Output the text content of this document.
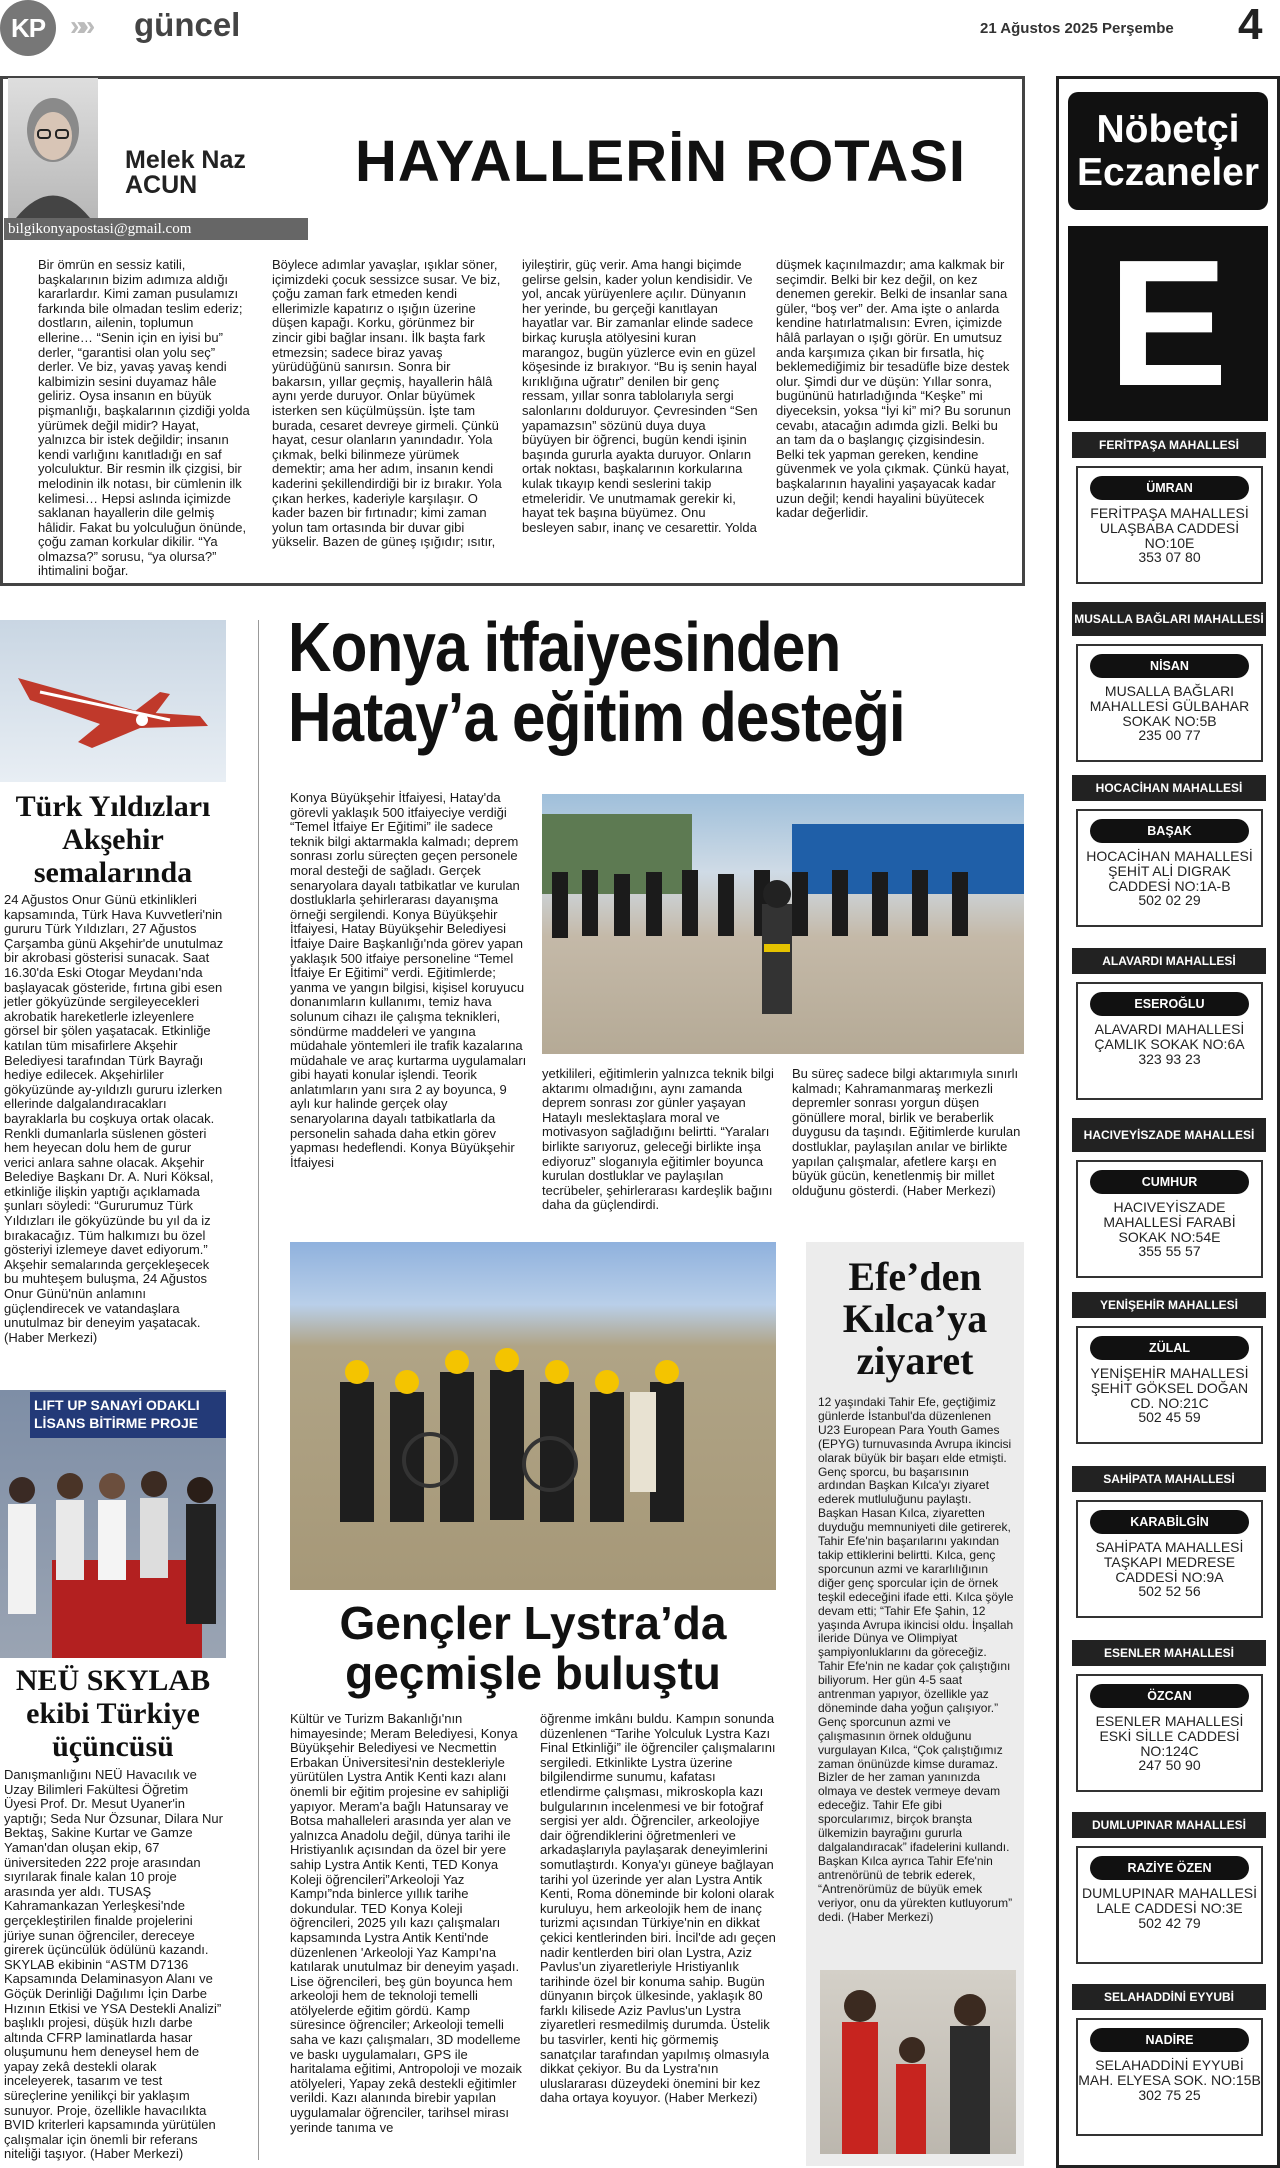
KP »» güncel	21 Ağustos 2025 Perşembe 4
Melek Naz
ACUN
bilgikonyapostasi@gmail.com
HAYALLERİN ROTASI
Bir ömrün en sessiz katili, başkalarının bizim adımıza aldığı kararlardır. Kimi zaman pusulamızı farkında bile olmadan teslim ederiz; dostların, ailenin, toplumun ellerine… “Senin için en iyisi bu” derler, “garantisi olan yolu seç” derler. Ve biz, yavaş yavaş kendi kalbimizin sesini duyamaz hâle geliriz. Oysa insanın en büyük pişmanlığı, başkalarının çizdiği yolda yürümek değil midir? Hayat, yalnızca bir istek değildir; insanın kendi varlığını kanıtladığı en saf yolculuktur. Bir resmin ilk çizgisi, bir melodinin ilk notası, bir cümlenin ilk kelimesi… Hepsi aslında içimizde saklanan hayallerin dile gelmiş hâlidir. Fakat bu yolculuğun önünde, çoğu zaman korkular dikilir. “Ya olmazsa?” sorusu, “ya olursa?” ihtimalini boğar.
Böylece adımlar yavaşlar, ışıklar söner, içimizdeki çocuk sessizce susar. Ve biz, çoğu zaman fark etmeden kendi ellerimizle kapatırız o ışığın üzerine düşen kapağı. Korku, görünmez bir zincir gibi bağlar insanı. İlk başta fark etmezsin; sadece biraz yavaş yürüdüğünü sanırsın. Sonra bir bakarsın, yıllar geçmiş, hayallerin hâlâ aynı yerde duruyor. Onlar büyümek isterken sen küçülmüşsün. İşte tam burada, cesaret devreye girmeli. Çünkü hayat, cesur olanların yanındadır. Yola çıkmak, belki bilinmeze yürümek demektir; ama her adım, insanın kendi kaderini şekillendirdiği bir iz bırakır. Yola çıkan herkes, kaderiyle karşılaşır. O kader bazen bir fırtınadır; kimi zaman yolun tam ortasında bir duvar gibi yükselir. Bazen de güneş ışığıdır; ısıtır,
iyileştirir, güç verir. Ama hangi biçimde gelirse gelsin, kader yolun kendisidir. Ve yol, ancak yürüyenlere açılır. Dünyanın her yerinde, bu gerçeği kanıtlayan hayatlar var. Bir zamanlar elinde sadece birkaç kuruşla atölyesini kuran marangoz, bugün yüzlerce evin en güzel köşesinde iz bırakıyor. “Bu iş senin hayal kırıklığına uğratır” denilen bir genç ressam, yıllar sonra tablolarıyla sergi salonlarını dolduruyor. Çevresinden “Sen yapamazsın” sözünü duya duya büyüyen bir öğrenci, bugün kendi işinin başında gururla ayakta duruyor. Onların ortak noktası, başkalarının korkularına kulak tıkayıp kendi seslerini takip etmeleridir. Ve unutmamak gerekir ki, hayat tek başına büyümez. Onu besleyen sabır, inanç ve cesarettir. Yolda
düşmek kaçınılmazdır; ama kalkmak bir seçimdir. Belki bir kez değil, on kez denemen gerekir. Belki de insanlar sana güler, “boş ver” der. Ama işte o anlarda kendine hatırlatmalısın: Evren, içimizde hâlâ parlayan o ışığı görür. En umutsuz anda karşımıza çıkan bir fırsatla, hiç beklemediğimiz bir tesadüfle bize destek olur. Şimdi dur ve düşün: Yıllar sonra, bugününü hatırladığında “Keşke” mi diyeceksin, yoksa “İyi ki” mi? Bu sorunun cevabı, atacağın adımda gizli. Belki bu an tam da o başlangıç çizgisindesin. Belki tek yapman gereken, kendine güvenmek ve yola çıkmak. Çünkü hayat, başkalarının hayalini yaşayacak kadar uzun değil; kendi hayalini büyütecek kadar değerlidir.
Nöbetçi
Eczaneler
E
FERİTPAŞA MAHALLESİ
ÜMRAN
FERİTPAŞA MAHALLESİ ULAŞBABA CADDESİ NO:10E
353 07 80
MUSALLA BAĞLARI MAHALLESİ
NİSAN
MUSALLA BAĞLARI MAHALLESİ GÜLBAHAR SOKAK NO:5B
235 00 77
HOCACİHAN MAHALLESİ
BAŞAK
HOCACİHAN MAHALLESİ ŞEHİT ALİ DIGRAK CADDESİ NO:1A-B
502 02 29
ALAVARDI MAHALLESİ
ESEROĞLU
ALAVARDI MAHALLESİ ÇAMLIK SOKAK NO:6A
323 93 23
HACIVEYİSZADE MAHALLESİ
CUMHUR
HACIVEYİSZADE MAHALLESİ FARABİ SOKAK NO:54E
355 55 57
YENİŞEHİR MAHALLESİ
ZÜLAL
YENİŞEHİR MAHALLESİ ŞEHİT GÖKSEL DOĞAN CD. NO:21C
502 45 59
SAHİPATA MAHALLESİ
KARABİLGİN
SAHİPATA MAHALLESİ TAŞKAPI MEDRESE CADDESİ NO:9A
502 52 56
ESENLER MAHALLESİ
ÖZCAN
ESENLER MAHALLESİ ESKİ SİLLE CADDESİ NO:124C
247 50 90
DUMLUPINAR MAHALLESİ
RAZİYE ÖZEN
DUMLUPINAR MAHALLESİ LALE CADDESİ NO:3E
502 42 79
SELAHADDİNİ EYYUBİ
NADİRE
SELAHADDİNİ EYYUBİ MAH. ELYESA SOK. NO:15B
302 75 25
Türk Yıldızları Akşehir semalarında
24 Ağustos Onur Günü etkinlikleri kapsamında, Türk Hava Kuvvetleri'nin gururu Türk Yıldızları, 27 Ağustos Çarşamba günü Akşehir'de unutulmaz bir akrobasi gösterisi sunacak. Saat 16.30'da Eski Otogar Meydanı'nda başlayacak gösteride, fırtına gibi esen jetler gökyüzünde sergileyecekleri akrobatik hareketlerle izleyenlere görsel bir şölen yaşatacak. Etkinliğe katılan tüm misafirlere Akşehir Belediyesi tarafından Türk Bayrağı hediye edilecek. Akşehirliler gökyüzünde ay-yıldızlı gururu izlerken ellerinde dalgalandıracakları bayraklarla bu coşkuya ortak olacak. Renkli dumanlarla süslenen gösteri hem heyecan dolu hem de gurur verici anlara sahne olacak. Akşehir Belediye Başkanı Dr. A. Nuri Köksal, etkinliğe ilişkin yaptığı açıklamada şunları söyledi: “Gururumuz Türk Yıldızları ile gökyüzünde bu yıl da iz bırakacağız. Tüm halkımızı bu özel gösteriyi izlemeye davet ediyorum.” Akşehir semalarında gerçekleşecek bu muhteşem buluşma, 24 Ağustos Onur Günü'nün anlamını güçlendirecek ve vatandaşlara unutulmaz bir deneyim yaşatacak. (Haber Merkezi)
LIFT UP SANAYİ ODAKLI
LİSANS BİTİRME PROJE
NEÜ SKYLAB ekibi Türkiye üçüncüsü
Danışmanlığını NEÜ Havacılık ve Uzay Bilimleri Fakültesi Öğretim Üyesi Prof. Dr. Mesut Uyaner'in yaptığı; Seda Nur Özsunar, Dilara Nur Bektaş, Sakine Kurtar ve Gamze Yaman'dan oluşan ekip, 67 üniversiteden 222 proje arasından sıyrılarak finale kalan 10 proje arasında yer aldı. TUSAŞ Kahramankazan Yerleşkesi'nde gerçekleştirilen finalde projelerini jüriye sunan öğrenciler, dereceye girerek üçüncülük ödülünü kazandı. SKYLAB ekibinin “ASTM D7136 Kapsamında Delaminasyon Alanı ve Göçük Derinliği Dağılımı İçin Darbe Hızının Etkisi ve YSA Destekli Analizi” başlıklı projesi, düşük hızlı darbe altında CFRP laminatlarda hasar oluşumunu hem deneysel hem de yapay zekâ destekli olarak inceleyerek, tasarım ve test süreçlerine yenilikçi bir yaklaşım sunuyor. Proje, özellikle havacılıkta BVID kriterleri kapsamında yürütülen çalışmalar için önemli bir referans niteliği taşıyor. (Haber Merkezi)
Konya itfaiyesinden
Hatay’a eğitim desteği
Konya Büyükşehir İtfaiyesi, Hatay'da görevli yaklaşık 500 itfaiyeciye verdiği “Temel İtfaiye Er Eğitimi” ile sadece teknik bilgi aktarmakla kalmadı; deprem sonrası zorlu süreçten geçen personele moral desteği de sağladı. Gerçek senaryolara dayalı tatbikatlar ve kurulan dostluklarla şehirlerarası dayanışma örneği sergilendi. Konya Büyükşehir İtfaiyesi, Hatay Büyükşehir Belediyesi İtfaiye Daire Başkanlığı'nda görev yapan yaklaşık 500 itfaiye personeline “Temel İtfaiye Er Eğitimi” verdi. Eğitimlerde; yanma ve yangın bilgisi, kişisel koruyucu donanımların kullanımı, temiz hava solunum cihazı ile çalışma teknikleri, söndürme maddeleri ve yangına müdahale yöntemleri ile trafik kazalarına müdahale ve araç kurtarma uygulamaları gibi hayati konular işlendi. Teorik anlatımların yanı sıra 2 ay boyunca, 9 aylı kur halinde gerçek olay senaryolarına dayalı tatbikatlarla da personelin sahada daha etkin görev yapması hedeflendi. Konya Büyükşehir İtfaiyesi
yetkilileri, eğitimlerin yalnızca teknik bilgi aktarımı olmadığını, aynı zamanda deprem sonrası zor günler yaşayan Hataylı meslektaşlara moral ve motivasyon sağladığını belirtti. “Yaraları birlikte sarıyoruz, geleceği birlikte inşa ediyoruz” sloganıyla eğitimler boyunca kurulan dostluklar ve paylaşılan tecrübeler, şehirlerarası kardeşlik bağını daha da güçlendirdi.
Bu süreç sadece bilgi aktarımıyla sınırlı kalmadı; Kahramanmaraş merkezli depremler sonrası yorgun düşen gönüllere moral, birlik ve beraberlik duygusu da taşındı. Eğitimlerde kurulan dostluklar, paylaşılan anılar ve birlikte yapılan çalışmalar, afetlere karşı en büyük gücün, kenetlenmiş bir millet olduğunu gösterdi. (Haber Merkezi)
Gençler Lystra’da
geçmişle buluştu
Kültür ve Turizm Bakanlığı'nın himayesinde; Meram Belediyesi, Konya Büyükşehir Belediyesi ve Necmettin Erbakan Üniversitesi'nin destekleriyle yürütülen Lystra Antik Kenti kazı alanı önemli bir eğitim projesine ev sahipliği yapıyor. Meram'a bağlı Hatunsaray ve Botsa mahalleleri arasında yer alan ve yalnızca Anadolu değil, dünya tarihi ile Hristiyanlık açısından da özel bir yere sahip Lystra Antik Kenti, TED Konya Koleji öğrencileri”Arkeoloji Yaz Kampı”nda binlerce yıllık tarihe dokundular. TED Konya Koleji öğrencileri, 2025 yılı kazı çalışmaları kapsamında Lystra Antik Kenti'nde düzenlenen 'Arkeoloji Yaz Kampı'na katılarak unutulmaz bir deneyim yaşadı. Lise öğrencileri, beş gün boyunca hem arkeoloji hem de teknoloji temelli atölyelerde eğitim gördü. Kamp süresince öğrenciler; Arkeoloji temelli saha ve kazı çalışmaları, 3D modelleme ve baskı uygulamaları, GPS ile haritalama eğitimi, Antropoloji ve mozaik atölyeleri, Yapay zekâ destekli eğitimler verildi. Kazı alanında birebir yapılan uygulamalar öğrenciler, tarihsel mirası yerinde tanıma ve
öğrenme imkânı buldu. Kampın sonunda düzenlenen “Tarihe Yolculuk Lystra Kazı Final Etkinliği” ile öğrenciler çalışmalarını sergiledi. Etkinlikte Lystra üzerine bilgilendirme sunumu, kafatası etlendirme çalışması, mikroskopla kazı bulgularının incelenmesi ve bir fotoğraf sergisi yer aldı. Öğrenciler, arkeolojiye dair öğrendiklerini öğretmenleri ve arkadaşlarıyla paylaşarak deneyimlerini somutlaştırdı. Konya'yı güneye bağlayan tarihi yol üzerinde yer alan Lystra Antik Kenti, Roma döneminde bir koloni olarak kuruluyu, hem arkeolojik hem de inanç turizmi açısından Türkiye'nin en dikkat çekici kentlerinden biri. İncil'de adı geçen nadir kentlerden biri olan Lystra, Aziz Pavlus'un ziyaretleriyle Hristiyanlık tarihinde özel bir konuma sahip. Bugün dünyanın birçok ülkesinde, yaklaşık 80 farklı kilisede Aziz Pavlus'un Lystra ziyaretleri resmedilmiş durumda. Üstelik bu tasvirler, kenti hiç görmemiş sanatçılar tarafından yapılmış olmasıyla dikkat çekiyor. Bu da Lystra'nın uluslararası düzeydeki önemini bir kez daha ortaya koyuyor. (Haber Merkezi)
Efe’den Kılca’ya ziyaret
12 yaşındaki Tahir Efe, geçtiğimiz günlerde İstanbul'da düzenlenen U23 European Para Youth Games (EPYG) turnuvasında Avrupa ikincisi olarak büyük bir başarı elde etmişti. Genç sporcu, bu başarısının ardından Başkan Kılca'yı ziyaret ederek mutluluğunu paylaştı. Başkan Hasan Kılca, ziyaretten duyduğu memnuniyeti dile getirerek, Tahir Efe'nin başarılarını yakından takip ettiklerini belirtti. Kılca, genç sporcunun azmi ve kararlılığının diğer genç sporcular için de örnek teşkil edeceğini ifade etti. Kılca şöyle devam etti; “Tahir Efe Şahin, 12 yaşında Avrupa ikincisi oldu. İnşallah ileride Dünya ve Olimpiyat şampiyonluklarını da göreceğiz. Tahir Efe'nin ne kadar çok çalıştığını biliyorum. Her gün 4-5 saat antrenman yapıyor, özellikle yaz döneminde daha yoğun çalışıyor.” Genç sporcunun azmi ve çalışmasının örnek olduğunu vurgulayan Kılca, “Çok çalıştığımız zaman önünüzde kimse duramaz. Bizler de her zaman yanınızda olmaya ve destek vermeye devam edeceğiz. Tahir Efe gibi sporcularımız, birçok branşta ülkemizin bayrağını gururla dalgalandıracak” ifadelerini kullandı. Başkan Kılca ayrıca Tahir Efe'nin antrenörünü de tebrik ederek, “Antrenörümüz de büyük emek veriyor, onu da yürekten kutluyorum” dedi. (Haber Merkezi)
